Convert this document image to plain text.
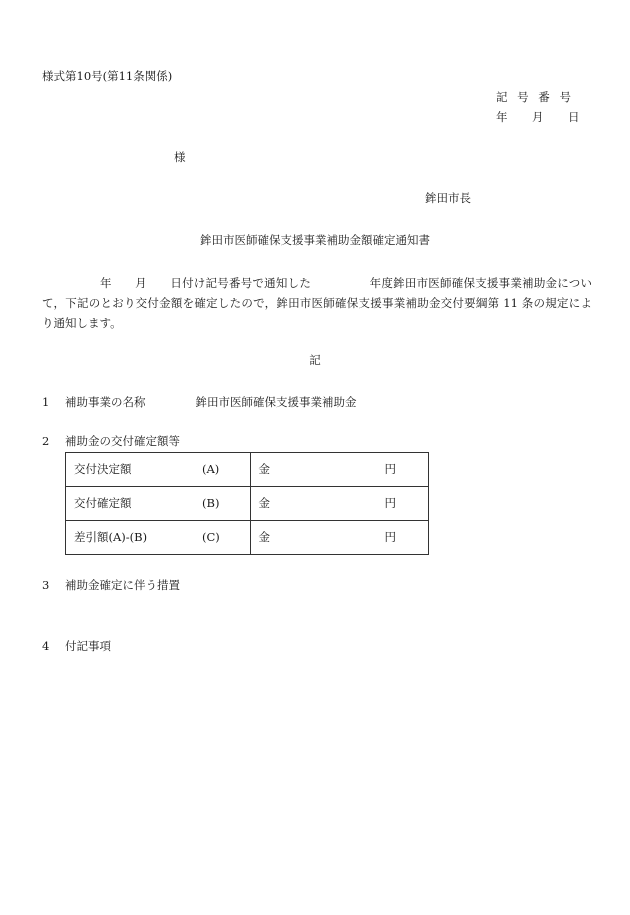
様式第10号(第11条関係)
記 号 番 号
年 月 日
様
鉾田市長
鉾田市医師確保支援事業補助金額確定通知書
年　　月　　日付け記号番号で通知した　　　　　年度鉾田市医師確保支援事業補助金について，下記のとおり交付金額を確定したので，鉾田市医師確保支援事業補助金交付要綱第 11 条の規定により通知します。
記
1 補助事業の名称	鉾田市医師確保支援事業補助金
2 補助金の交付確定額等
交付決定額 (A)	金 円
交付確定額 (B)	金 円
差引額(A)-(B) (C)	金 円
3 補助金確定に伴う措置
4 付記事項
